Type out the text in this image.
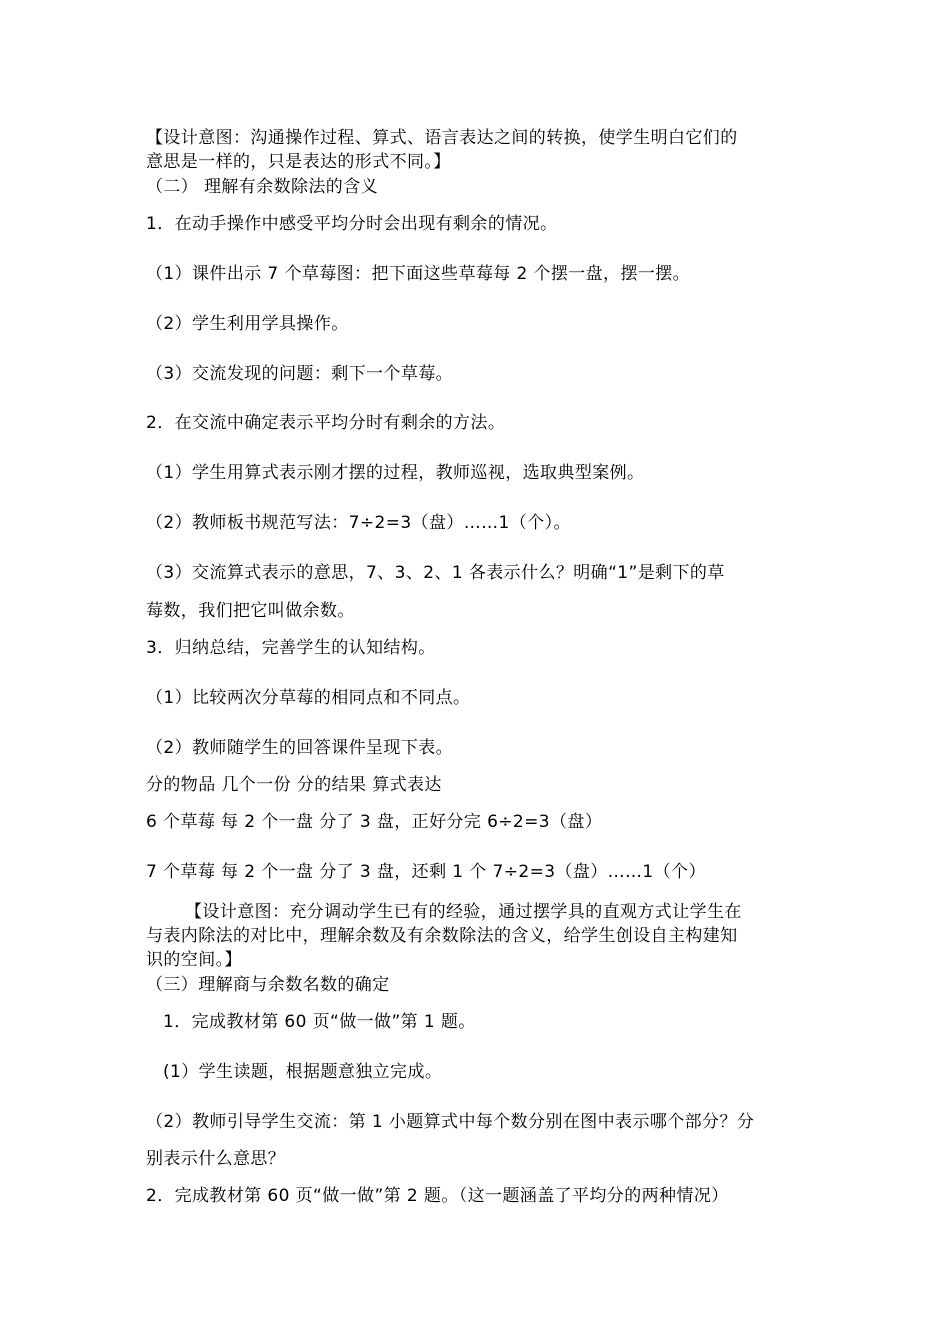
【设计意图：沟通操作过程、算式、语言表达之间的转换，使学生明白它们的
意思是一样的，只是表达的形式不同。】
（二） 理解有余数除法的含义
1．在动手操作中感受平均分时会出现有剩余的情况。
（1）课件出示 7 个草莓图：把下面这些草莓每 2 个摆一盘，摆一摆。
（2）学生利用学具操作。
（3）交流发现的问题：剩下一个草莓。
2．在交流中确定表示平均分时有剩余的方法。
（1）学生用算式表示刚才摆的过程，教师巡视，选取典型案例。
（2）教师板书规范写法：7÷2=3（盘）……1（个）。
（3）交流算式表示的意思，7、3、2、1 各表示什么？明确“1”是剩下的草
莓数，我们把它叫做余数。
3．归纳总结，完善学生的认知结构。
（1）比较两次分草莓的相同点和不同点。
（2）教师随学生的回答课件呈现下表。
分的物品 几个一份 分的结果 算式表达
6 个草莓 每 2 个一盘 分了 3 盘，正好分完 6÷2=3（盘）
7 个草莓 每 2 个一盘 分了 3 盘，还剩 1 个 7÷2=3（盘）……1（个）
【设计意图：充分调动学生已有的经验，通过摆学具的直观方式让学生在
与表内除法的对比中，理解余数及有余数除法的含义，给学生创设自主构建知
识的空间。】
（三）理解商与余数名数的确定
1．完成教材第 60 页“做一做”第 1 题。
(1）学生读题，根据题意独立完成。
（2）教师引导学生交流：第 1 小题算式中每个数分别在图中表示哪个部分？分
别表示什么意思？
2．完成教材第 60 页“做一做”第 2 题。（这一题涵盖了平均分的两种情况）
